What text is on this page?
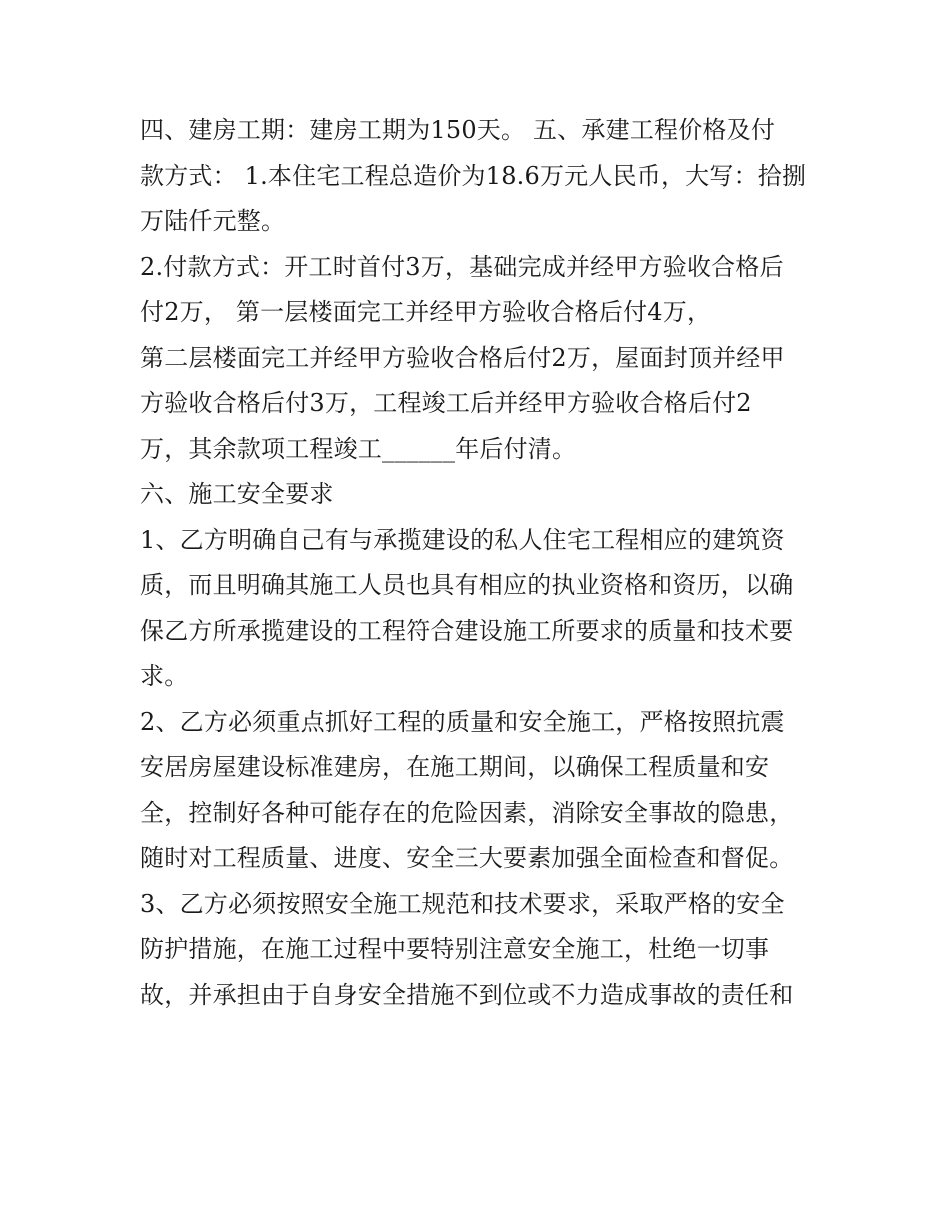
四、建房工期：建房工期为150天。 五、承建工程价格及付
款方式： 1.本住宅工程总造价为18.6万元人民币，大写：拾捌
万陆仟元整。
2.付款方式：开工时首付3万，基础完成并经甲方验收合格后
付2万， 第一层楼面完工并经甲方验收合格后付4万，
第二层楼面完工并经甲方验收合格后付2万，屋面封顶并经甲
方验收合格后付3万，工程竣工后并经甲方验收合格后付2
万，其余款项工程竣工______年后付清。
六、施工安全要求
1、乙方明确自己有与承揽建设的私人住宅工程相应的建筑资
质，而且明确其施工人员也具有相应的执业资格和资历，以确
保乙方所承揽建设的工程符合建设施工所要求的质量和技术要
求。
2、乙方必须重点抓好工程的质量和安全施工，严格按照抗震
安居房屋建设标准建房，在施工期间，以确保工程质量和安
全，控制好各种可能存在的危险因素，消除安全事故的隐患，
随时对工程质量、进度、安全三大要素加强全面检查和督促。
3、乙方必须按照安全施工规范和技术要求，采取严格的安全
防护措施，在施工过程中要特别注意安全施工，杜绝一切事
故，并承担由于自身安全措施不到位或不力造成事故的责任和
